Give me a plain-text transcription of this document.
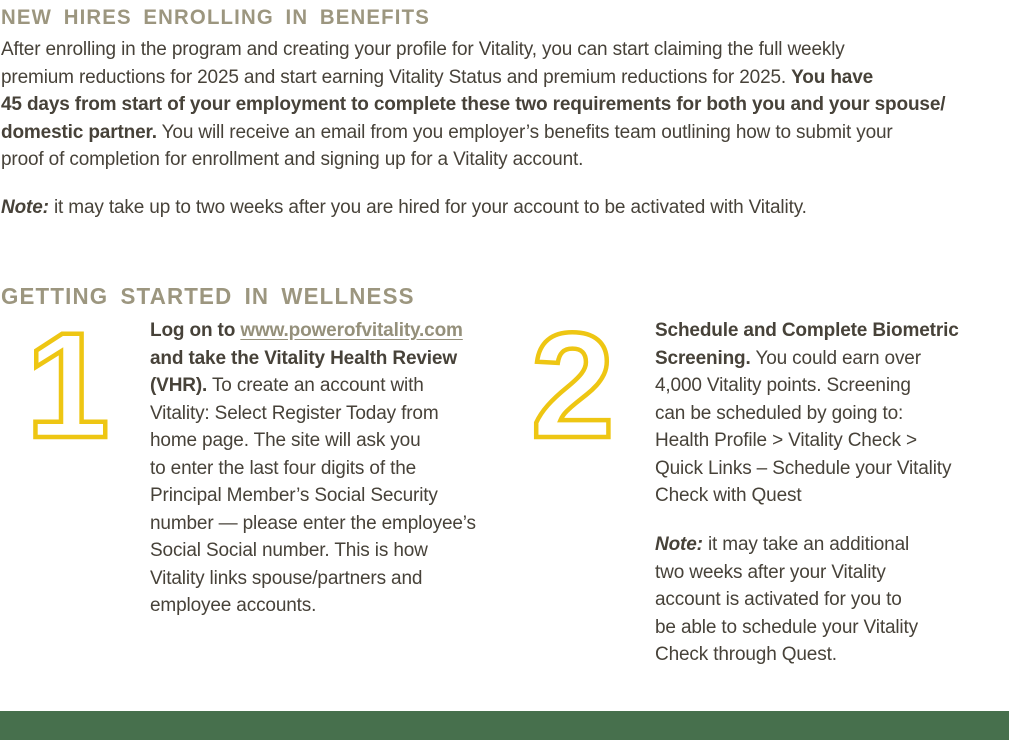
NEW HIRES ENROLLING IN BENEFITS

After enrolling in the program and creating your profile for Vitality, you can start claiming the full weekly
premium reductions for 2025 and start earning Vitality Status and premium reductions for 2025. You have
45 days from start of your employment to complete these two requirements for both you and your spouse/
domestic partner. You will receive an email from you employer’s benefits team outlining how to submit your
proof of completion for enrollment and signing up for a Vitality account.

Note: it may take up to two weeks after you are hired for your account to be activated with Vitality.

GETTING STARTED IN WELLNESS
1 Log on to www.powerofvitality.com
and take the Vitality Health Review
(VHR). To create an account with
Vitality: Select Register Today from
home page. The site will ask you
to enter the last four digits of the
Principal Member’s Social Security
number — please enter the employee’s
Social Social number. This is how
Vitality links spouse/partners and
employee accounts.
2 Schedule and Complete Biometric
Screening. You could earn over
4,000 Vitality points. Screening
can be scheduled by going to:
Health Profile > Vitality Check >
Quick Links – Schedule your Vitality
Check with Quest
Note: it may take an additional
two weeks after your Vitality
account is activated for you to
be able to schedule your Vitality
Check through Quest.
